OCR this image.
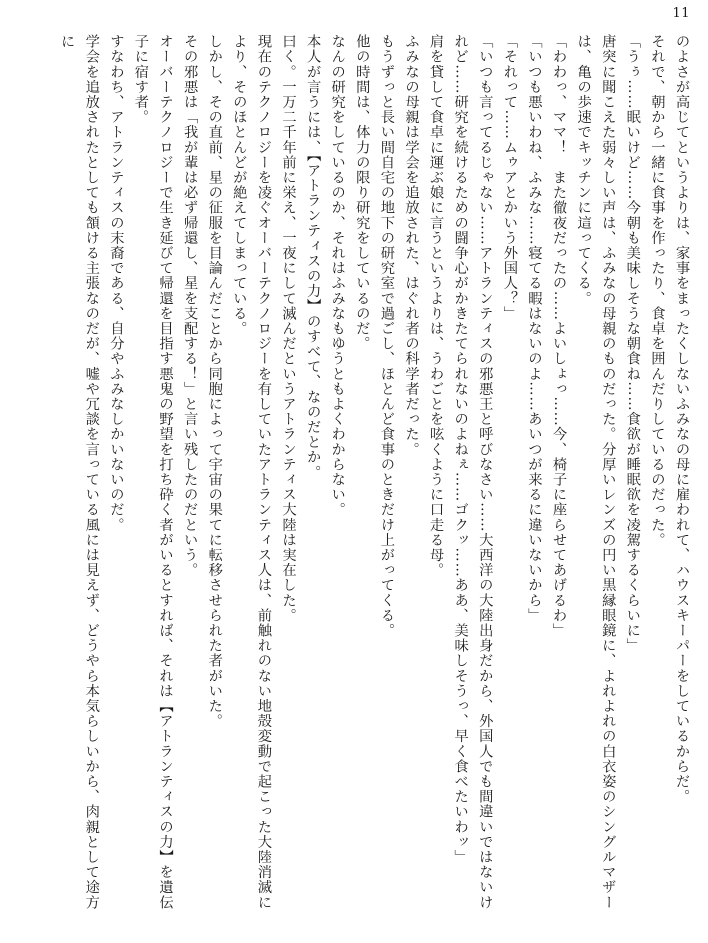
11

のよさが高じてというよりは、家事をまったくしないふみなの母に雇われて、ハウスキーパーをしているからだ。

それで、朝から一緒に食事を作ったり、食卓を囲んだりしているのだった。

「うぅ……眠いけど……今朝も美味しそうな朝食ね……食欲が睡眠欲を凌駕するくらいに」

唐突に聞こえた弱々しい声は、ふみなの母親のものだった。分厚いレンズの円い黒縁眼鏡に、よれよれの白衣姿のシングルマザーは、亀の歩速でキッチンに這ってくる。

「わわっ、ママ！　また徹夜だったの……よいしょっ……今、椅子に座らせてあげるわ」

「いつも悪いわね、ふみな……寝てる暇はないのよ……あいつが来るに違いないから」

「それって……ムゥアとかいう外国人？」

「いつも言ってるじゃない……アトランティスの邪悪王と呼びなさい……大西洋の大陸出身だから、外国人でも間違いではないけれど……研究を続けるための闘争心がかきたてられないのよねぇ……ゴクッ……ああ、美味しそうっ、早く食べたいわッ」

肩を貸して食卓に運ぶ娘に言うというよりは、うわごとを呟くように口走る母。

ふみなの母親は学会を追放された、はぐれ者の科学者だった。

もうずっと長い間自宅の地下の研究室で過ごし、ほとんど食事のときだけ上がってくる。

他の時間は、体力の限り研究をしているのだ。

なんの研究をしているのか、それはふみなもゆうともよくわからない。

本人が言うには、【アトランティスの力】のすべて、なのだとか。

曰く。一万二千年前に栄え、一夜にして滅んだというアトランティス大陸は実在した。

現在のテクノロジーを凌ぐオーバーテクノロジーを有していたアトランティス人は、前触れのない地殻変動で起こった大陸消滅により、そのほとんどが絶えてしまっている。

しかし、その直前、星の征服を目論んだことから同胞によって宇宙の果てに転移させられた者がいた。

その邪悪は「我が輩は必ず帰還し、星を支配する！」と言い残したのだという。

オーバーテクノロジーで生き延びて帰還を目指す悪鬼の野望を打ち砕く者がいるとすれば、それは【アトランティスの力】を遺伝子に宿す者。

すなわち、アトランティスの末裔である、自分やふみなしかいないのだ。

学会を追放されたとしても頷ける主張なのだが、嘘や冗談を言っている風には見えず、どうやら本気らしいから、肉親として途方に
